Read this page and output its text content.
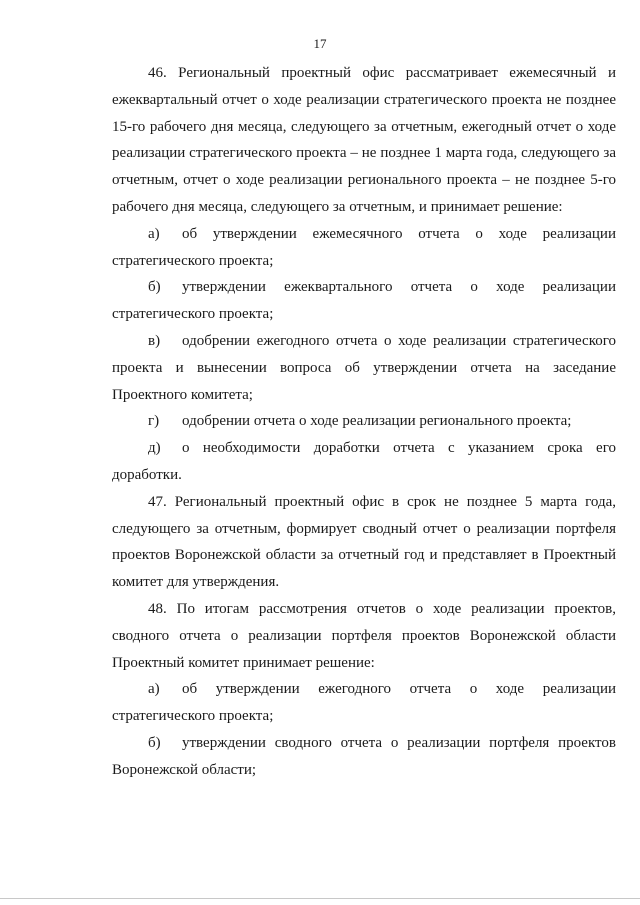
17

46. Региональный проектный офис рассматривает ежемесячный и ежеквартальный отчет о ходе реализации стратегического проекта не позднее 15-го рабочего дня месяца, следующего за отчетным, ежегодный отчет о ходе реализации стратегического проекта – не позднее 1 марта года, следующего за отчетным, отчет о ходе реализации регионального проекта – не позднее 5-го рабочего дня месяца, следующего за отчетным, и принимает решение:

а) об утверждении ежемесячного отчета о ходе реализации стратегического проекта;

б) утверждении ежеквартального отчета о ходе реализации стратегического проекта;

в) одобрении ежегодного отчета о ходе реализации стратегического проекта и вынесении вопроса об утверждении отчета на заседание Проектного комитета;

г) одобрении отчета о ходе реализации регионального проекта;

д) о необходимости доработки отчета с указанием срока его доработки.

47. Региональный проектный офис в срок не позднее 5 марта года, следующего за отчетным, формирует сводный отчет о реализации портфеля проектов Воронежской области за отчетный год и представляет в Проектный комитет для утверждения.

48. По итогам рассмотрения отчетов о ходе реализации проектов, сводного отчета о реализации портфеля проектов Воронежской области Проектный комитет принимает решение:

а) об утверждении ежегодного отчета о ходе реализации стратегического проекта;

б) утверждении сводного отчета о реализации портфеля проектов Воронежской области;
